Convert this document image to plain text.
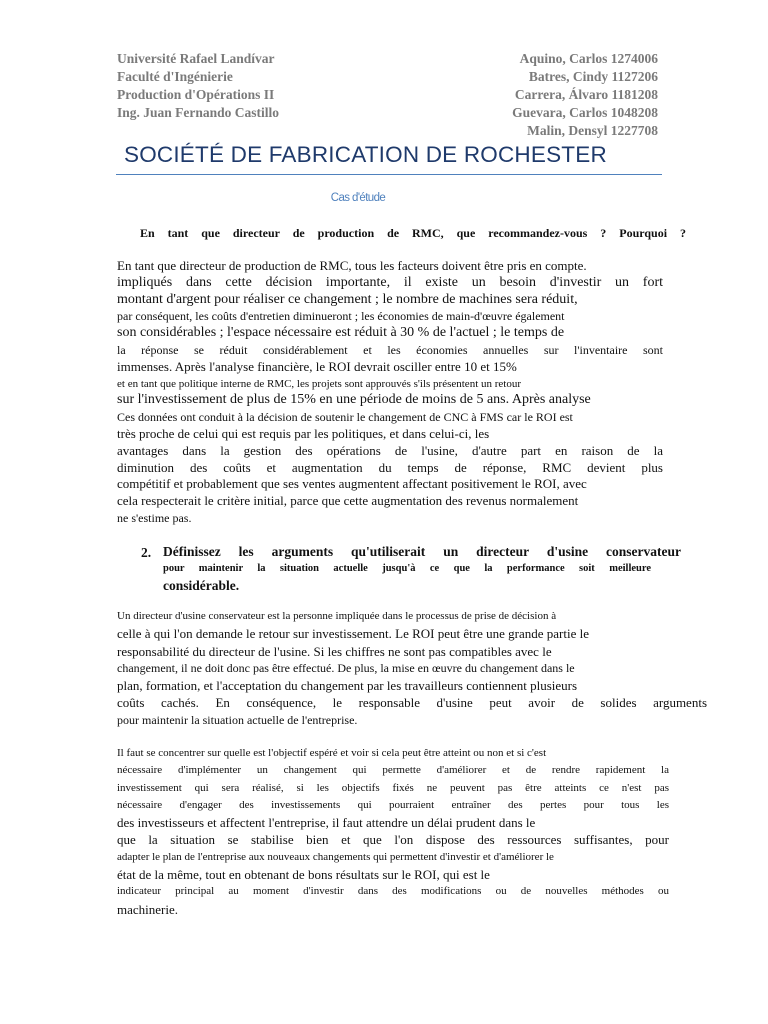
Université Rafael Landívar
Faculté d'Ingénierie
Production d'Opérations II
Ing. Juan Fernando Castillo
Aquino, Carlos 1274006
Batres, Cindy 1127206
Carrera, Álvaro 1181208
Guevara, Carlos 1048208
Malin, Densyl 1227708
SOCIÉTÉ DE FABRICATION DE ROCHESTER
Cas d'étude
En tant que directeur de production de RMC, que recommandez-vous ? Pourquoi ?
En tant que directeur de production de RMC, tous les facteurs doivent être pris en compte.
impliqués dans cette décision importante, il existe un besoin d'investir un fort
montant d'argent pour réaliser ce changement ; le nombre de machines sera réduit,
par conséquent, les coûts d'entretien diminueront ; les économies de main-d'œuvre également
son considérables ; l'espace nécessaire est réduit à 30 % de l'actuel ; le temps de
la réponse se réduit considérablement et les économies annuelles sur l'inventaire sont
immenses. Après l'analyse financière, le ROI devrait osciller entre 10 et 15%
et en tant que politique interne de RMC, les projets sont approuvés s'ils présentent un retour
sur l'investissement de plus de 15% en une période de moins de 5 ans. Après analyse
Ces données ont conduit à la décision de soutenir le changement de CNC à FMS car le ROI est
très proche de celui qui est requis par les politiques, et dans celui-ci, les
avantages dans la gestion des opérations de l'usine, d'autre part en raison de la
diminution des coûts et augmentation du temps de réponse, RMC devient plus
compétitif et probablement que ses ventes augmentent affectant positivement le ROI, avec
cela respecterait le critère initial, parce que cette augmentation des revenus normalement
ne s'estime pas.
2. Définissez les arguments qu'utiliserait un directeur d'usine conservateur
pour maintenir la situation actuelle jusqu'à ce que la performance soit meilleure
considérable.
Un directeur d'usine conservateur est la personne impliquée dans le processus de prise de décision à
celle à qui l'on demande le retour sur investissement. Le ROI peut être une grande partie le
responsabilité du directeur de l'usine. Si les chiffres ne sont pas compatibles avec le
changement, il ne doit donc pas être effectué. De plus, la mise en œuvre du changement dans le
plan, formation, et l'acceptation du changement par les travailleurs contiennent plusieurs
coûts cachés. En conséquence, le responsable d'usine peut avoir de solides arguments
pour maintenir la situation actuelle de l'entreprise.
Il faut se concentrer sur quelle est l'objectif espéré et voir si cela peut être atteint ou non et si c'est
nécessaire d'implémenter un changement qui permette d'améliorer et de rendre rapidement la
investissement qui sera réalisé, si les objectifs fixés ne peuvent pas être atteints ce n'est pas
nécessaire d'engager des investissements qui pourraient entraîner des pertes pour tous les
des investisseurs et affectent l'entreprise, il faut attendre un délai prudent dans le
que la situation se stabilise bien et que l'on dispose des ressources suffisantes, pour
adapter le plan de l'entreprise aux nouveaux changements qui permettent d'investir et d'améliorer le
état de la même, tout en obtenant de bons résultats sur le ROI, qui est le
indicateur principal au moment d'investir dans des modifications ou de nouvelles méthodes ou
machinerie.
